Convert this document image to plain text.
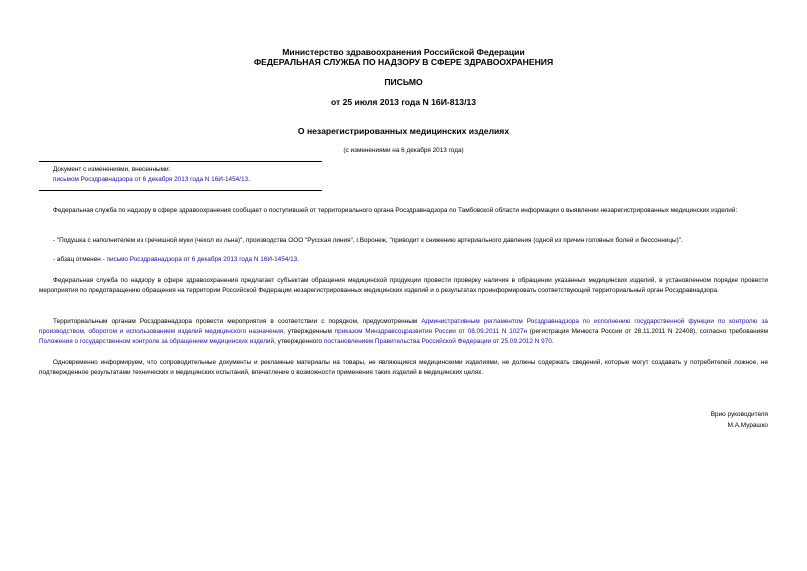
Министерство здравоохранения Российской Федерации
ФЕДЕРАЛЬНАЯ СЛУЖБА ПО НАДЗОРУ В СФЕРЕ ЗДРАВООХРАНЕНИЯ
ПИСЬМО
от 25 июля 2013 года N 16И-813/13
О незарегистрированных медицинских изделиях
(с изменениями на 6 декабря 2013 года)
Документ с изменениями, внесенными:
письмом Росздравнадзора от 6 декабря 2013 года N 16И-1454/13.
Федеральная служба по надзору в сфере здравоохранения сообщает о поступившей от территориального органа Росздравнадзора по Тамбовской области информации о выявлении незарегистрированных медицинских изделий:
- "Подушка с наполнителем из гречишной муки (чехол из льна)", производства ООО "Русская линия", г.Воронеж, "приводит к снижению артериального давления (одной из причин головных болей и бессонницы)".
- абзац отменен - письмо Росздравнадзора от 6 декабря 2013 года N 16И-1454/13.
Федеральная служба по надзору в сфере здравоохранения предлагает субъектам обращения медицинской продукции провести проверку наличия в обращении указанных медицинских изделий, в установленном порядке провести мероприятия по предотвращению обращения на территории Российской Федерации незарегистрированных медицинских изделий и о результатах проинформировать соответствующий территориальный орган Росздравнадзора.
Территориальным органам Росздравнадзора провести мероприятия в соответствии с порядком, предусмотренным Административным регламентом Росздравнадзора по исполнению государственной функции по контролю за производством, оборотом и использованием изделий медицинского назначения, утвержденным приказом Минздравсоцразвития России от 08.09.2011 N 1027н (регистрация Минюста России от 28.11.2011 N 22408), согласно требованиям Положения о государственном контроле за обращением медицинских изделий, утвержденного постановлением Правительства Российской Федерации от 25.09.2012 N 970.
Одновременно информируем, что сопроводительные документы и рекламные материалы на товары, не являющиеся медицинскими изделиями, не должны содержать сведений, которые могут создавать у потребителей ложное, не подтвержденное результатами технических и медицинских испытаний, впечатление о возможности применения таких изделий в медицинских целях.
Врио руководителя
М.А.Мурашко
